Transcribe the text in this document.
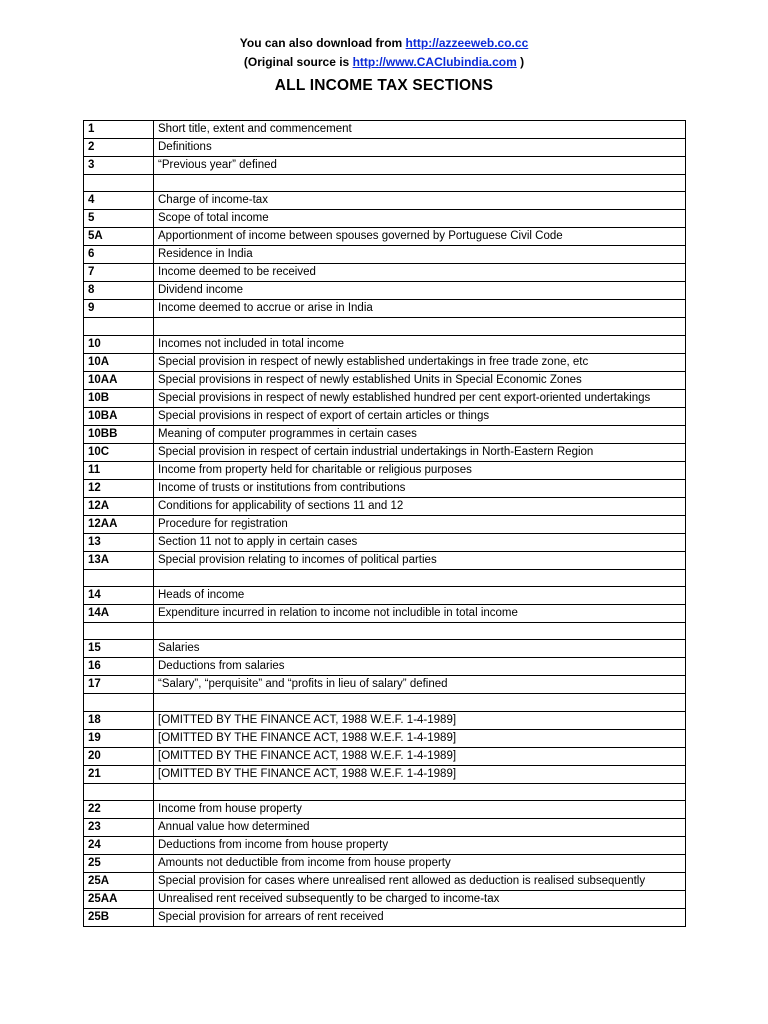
You can also download from http://azzeeweb.co.cc
(Original source is http://www.CAClubindia.com )
ALL INCOME TAX SECTIONS
1	Short title, extent and commencement
2	Definitions
3	“Previous year” defined

4	Charge of income-tax
5	Scope of total income
5A	Apportionment of income between spouses governed by Portuguese Civil Code
6	Residence in India
7	Income deemed to be received
8	Dividend income
9	Income deemed to accrue or arise in India

10	Incomes not included in total income
10A	Special provision in respect of newly established undertakings in free trade zone, etc
10AA	Special provisions in respect of newly established Units in Special Economic Zones
10B	Special provisions in respect of newly established hundred per cent export-oriented undertakings
10BA	Special provisions in respect of export of certain articles or things
10BB	Meaning of computer programmes in certain cases
10C	Special provision in respect of certain industrial undertakings in North-Eastern Region
11	Income from property held for charitable or religious purposes
12	Income of trusts or institutions from contributions
12A	Conditions for applicability of sections 11 and 12
12AA	Procedure for registration
13	Section 11 not to apply in certain cases
13A	Special provision relating to incomes of political parties

14	Heads of income
14A	Expenditure incurred in relation to income not includible in total income

15	Salaries
16	Deductions from salaries
17	“Salary”, “perquisite” and “profits in lieu of salary” defined

18	[OMITTED BY THE FINANCE ACT, 1988 W.E.F. 1-4-1989]
19	[OMITTED BY THE FINANCE ACT, 1988 W.E.F. 1-4-1989]
20	[OMITTED BY THE FINANCE ACT, 1988 W.E.F. 1-4-1989]
21	[OMITTED BY THE FINANCE ACT, 1988 W.E.F. 1-4-1989]

22	Income from house property
23	Annual value how determined
24	Deductions from income from house property
25	Amounts not deductible from income from house property
25A	Special provision for cases where unrealised rent allowed as deduction is realised subsequently
25AA	Unrealised rent received subsequently to be charged to income-tax
25B	Special provision for arrears of rent received
